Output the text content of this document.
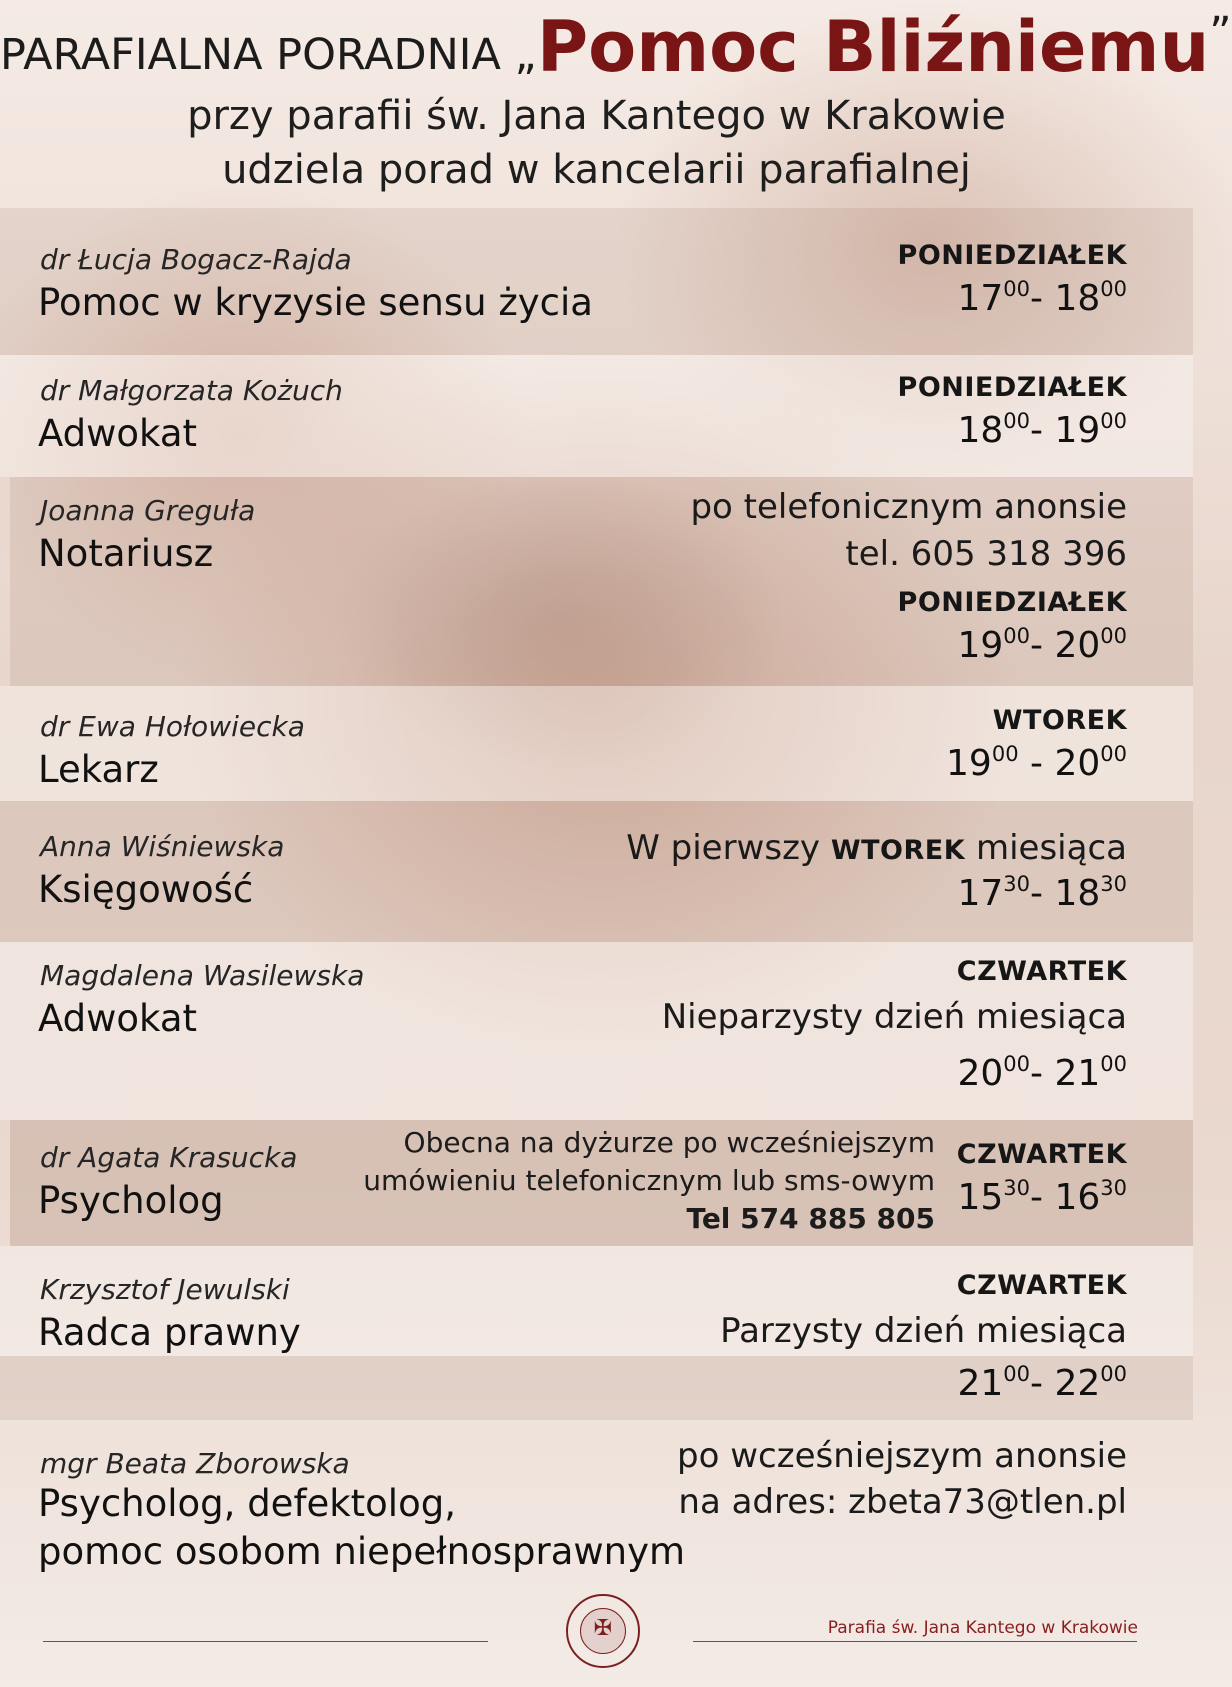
PARAFIALNA PORADNIA „Pomoc Bliźniemu”
przy parafii św. Jana Kantego w Krakowie
udziela porad w kancelarii parafialnej
dr Łucja Bogacz-Rajda
Pomoc w kryzysie sensu życia
PONIEDZIAŁEK
$17^{00}-$ $18^{00}$
dr Małgorzata Kożuch
Adwokat
PONIEDZIAŁEK
$18^{00}-$ $19^{00}$
Joanna Greguła
Notariusz
po telefonicznym anonsie
tel. 605 318 396
PONIEDZIAŁEK
$19^{00}-$ $20^{00}$
dr Ewa Hołowiecka
Lekarz
WTOREK
$19^{00} - 20^{00}$
Anna Wiśniewska
Księgowość
W pierwszy WTOREK miesiąca
$17^{30}-$ $18^{30}$
Magdalena Wasilewska
Adwokat
CZWARTEK
Nieparzysty dzień miesiąca
$20^{00}-$ $21^{00}$
dr Agata Krasucka
Psycholog
Obecna na dyżurze po wcześniejszym
umówieniu telefonicznym lub sms-owym
Tel 574 885 805
CZWARTEK
$15^{30}-$ $16^{30}$
Krzysztof Jewulski
Radca prawny
CZWARTEK
Parzysty dzień miesiąca
$21^{00}-$ $22^{00}$
mgr Beata Zborowska
Psycholog, defektolog,
pomoc osobom niepełnosprawnym
po wcześniejszym anonsie
na adres: zbeta73@tlen.pl
✠	Parafia św. Jana Kantego w Krakowie
